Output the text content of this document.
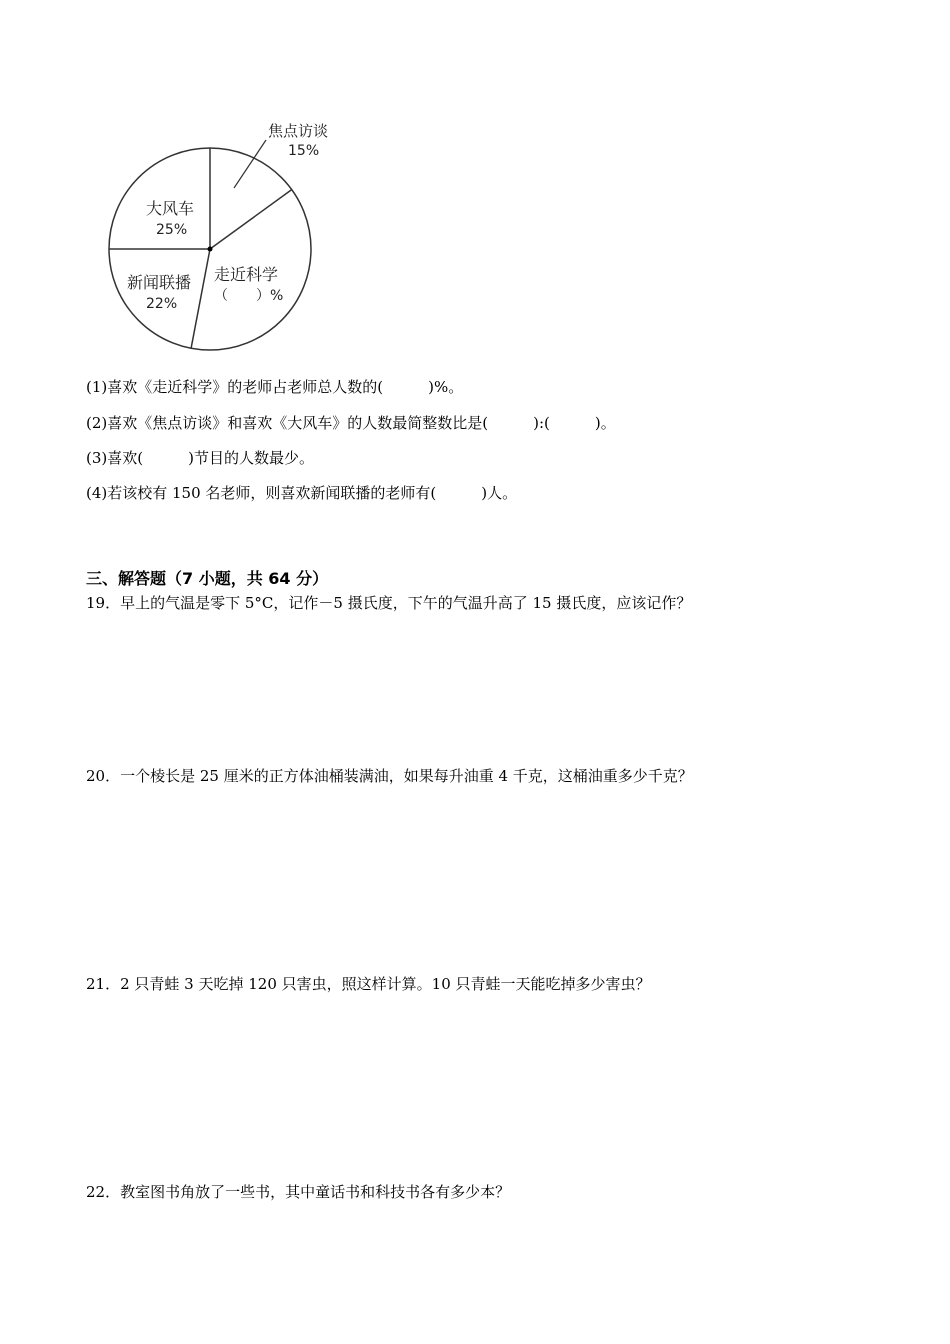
焦点访谈
15%
大风车
25%
新闻联播
22%
走近科学
（　　）%
(1)喜欢《走近科学》的老师占老师总人数的(　　　)%。
(2)喜欢《焦点访谈》和喜欢《大风车》的人数最简整数比是(　　　):(　　　)。
(3)喜欢(　　　)节目的人数最少。
(4)若该校有 150 名老师，则喜欢新闻联播的老师有(　　　)人。
三、解答题（7 小题，共 64 分）
19．早上的气温是零下 5°C，记作－5 摄氏度，下午的气温升高了 15 摄氏度，应该记作？
20．一个棱长是 25 厘米的正方体油桶装满油，如果每升油重 4 千克，这桶油重多少千克？
21．2 只青蛙 3 天吃掉 120 只害虫，照这样计算。10 只青蛙一天能吃掉多少害虫？
22．教室图书角放了一些书，其中童话书和科技书各有多少本？
